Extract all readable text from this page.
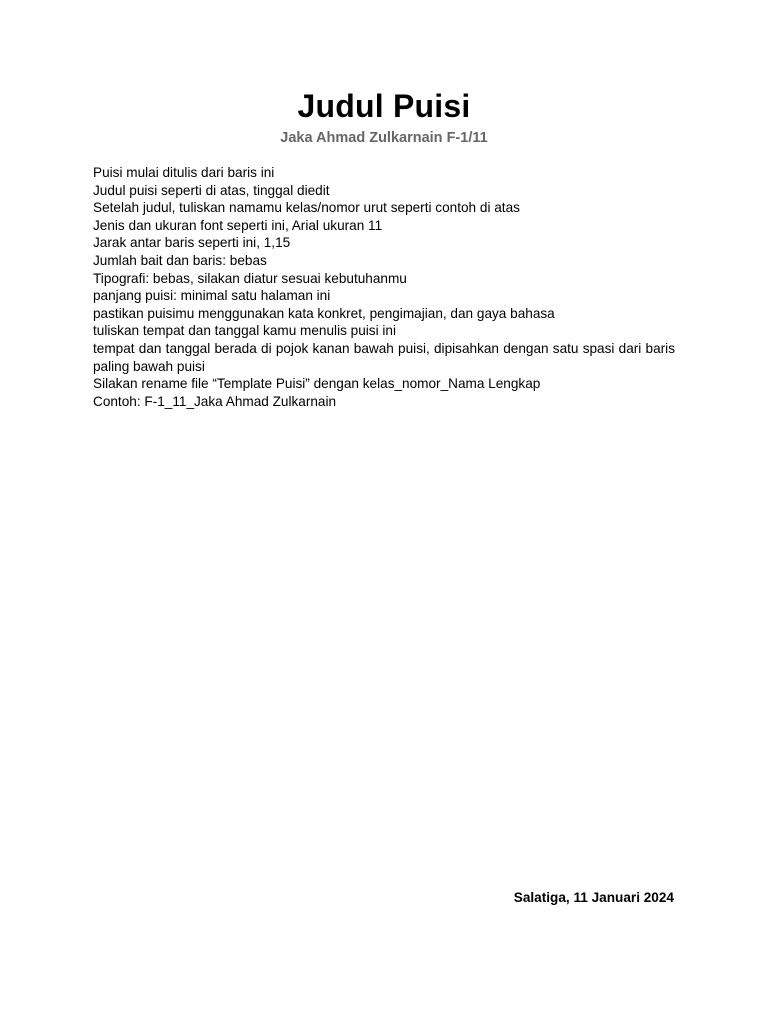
Judul Puisi
Jaka Ahmad Zulkarnain F-1/11
Puisi mulai ditulis dari baris ini
Judul puisi seperti di atas, tinggal diedit
Setelah judul, tuliskan namamu kelas/nomor urut seperti contoh di atas
Jenis dan ukuran font seperti ini, Arial ukuran 11
Jarak antar baris seperti ini, 1,15
Jumlah bait dan baris: bebas
Tipografi: bebas, silakan diatur sesuai kebutuhanmu
panjang puisi: minimal satu halaman ini
pastikan puisimu menggunakan kata konkret, pengimajian, dan gaya bahasa
tuliskan tempat dan tanggal kamu menulis puisi ini
tempat dan tanggal berada di pojok kanan bawah puisi, dipisahkan dengan satu spasi dari baris paling bawah puisi
Silakan rename file “Template Puisi” dengan kelas_nomor_Nama Lengkap
Contoh: F-1_11_Jaka Ahmad Zulkarnain
Salatiga, 11 Januari 2024
